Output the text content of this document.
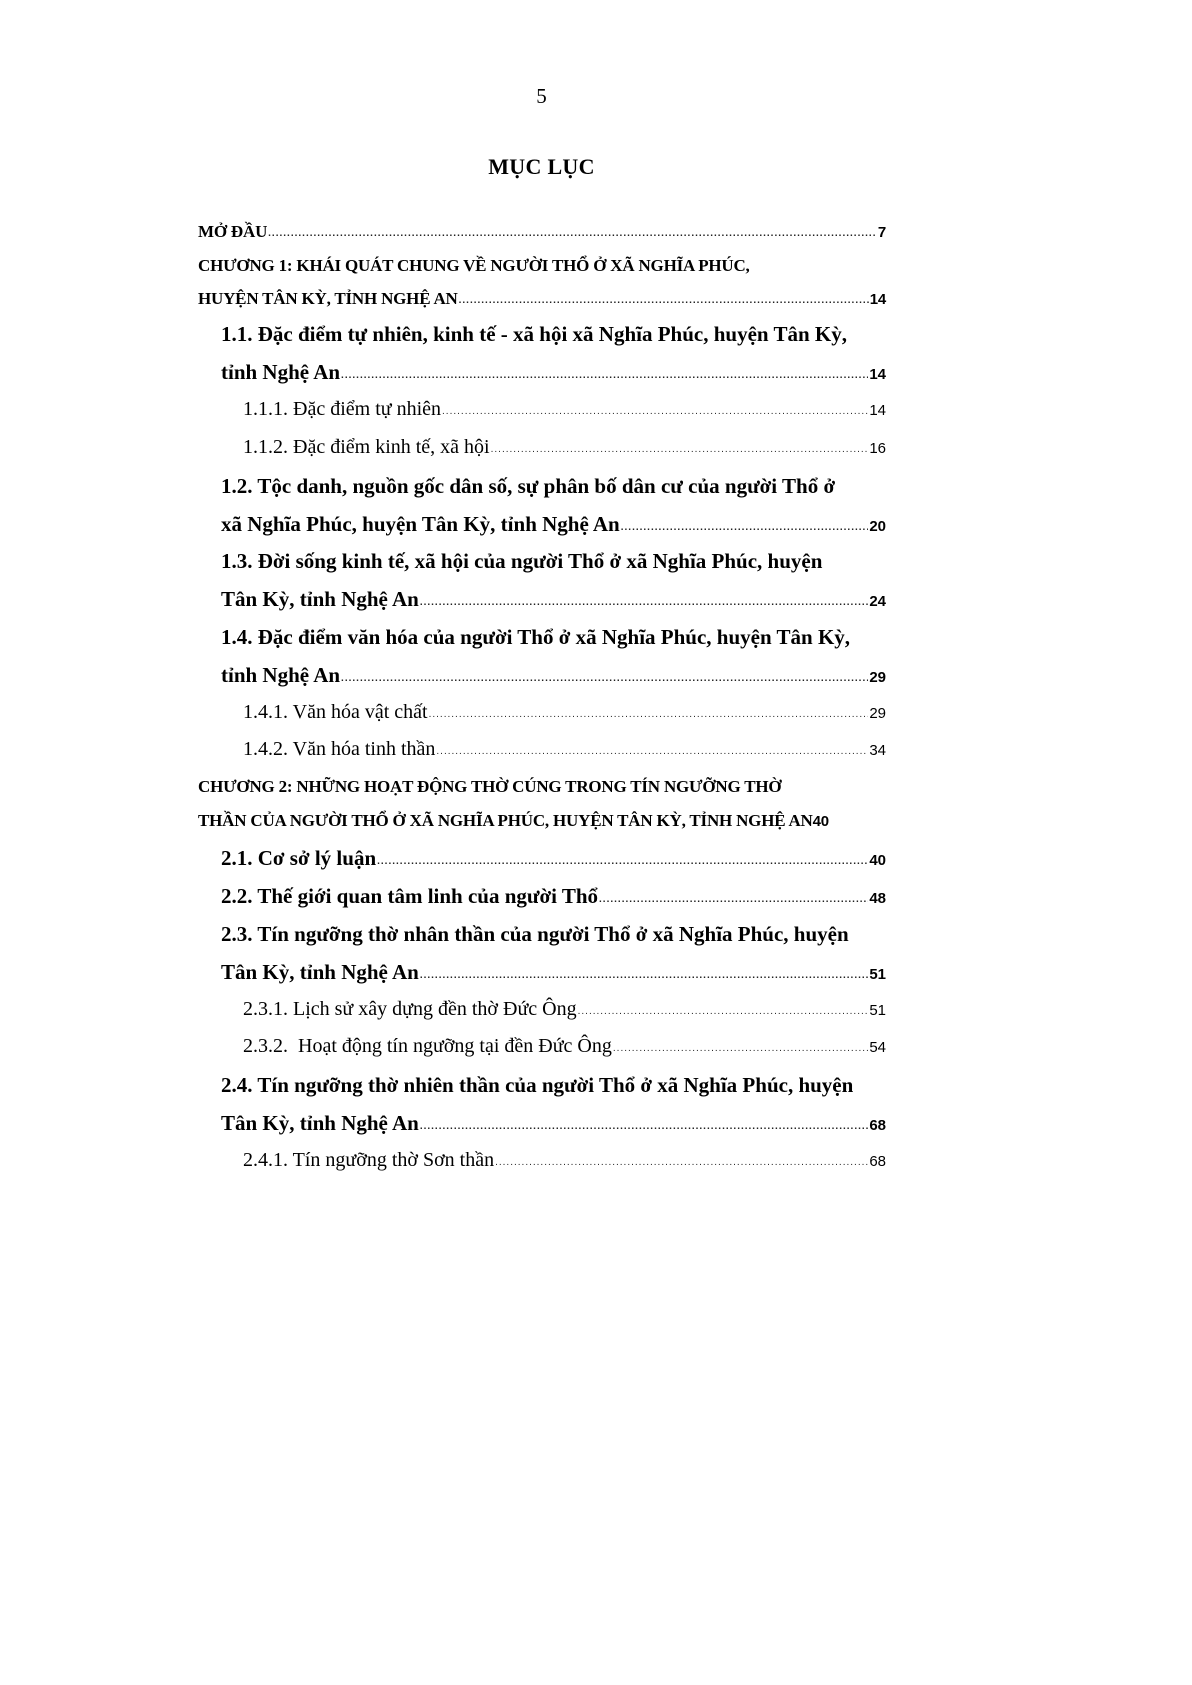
5
MỤC LỤC
MỞ ĐẦU .....	7
CHƯƠNG 1: KHÁI QUÁT CHUNG VỀ NGƯỜI THỔ Ở XÃ NGHĨA PHÚC,
HUYỆN TÂN KỲ, TỈNH NGHỆ AN .....	14
1.1. Đặc điểm tự nhiên, kinh tế - xã hội xã Nghĩa Phúc, huyện Tân Kỳ,
tỉnh Nghệ An .....	14
1.1.1. Đặc điểm tự nhiên .....	14
1.1.2. Đặc điểm kinh tế, xã hội .....	16
1.2. Tộc danh, nguồn gốc dân số, sự phân bố dân cư của người Thổ ở
xã Nghĩa Phúc, huyện Tân Kỳ, tỉnh Nghệ An .....	20
1.3. Đời sống kinh tế, xã hội của người Thổ ở xã Nghĩa Phúc, huyện
Tân Kỳ, tỉnh Nghệ An .....	24
1.4. Đặc điểm văn hóa của người Thổ ở xã Nghĩa Phúc, huyện Tân Kỳ,
tỉnh Nghệ An .....	29
1.4.1. Văn hóa vật chất .....	29
1.4.2. Văn hóa tinh thần .....	34
CHƯƠNG 2: NHỮNG HOẠT ĐỘNG THỜ CÚNG TRONG TÍN NGƯỠNG THỜ
THẦN CỦA NGƯỜI THỔ Ở XÃ NGHĨA PHÚC, HUYỆN TÂN KỲ, TỈNH NGHỆ AN 40
2.1. Cơ sở lý luận .....	40
2.2. Thế giới quan tâm linh của người Thổ .....	48
2.3. Tín ngưỡng thờ nhân thần của người Thổ ở xã Nghĩa Phúc, huyện
Tân Kỳ, tỉnh Nghệ An .....	51
2.3.1. Lịch sử xây dựng đền thờ Đức Ông .....	51
2.3.2.  Hoạt động tín ngưỡng tại đền Đức Ông .....	54
2.4. Tín ngưỡng thờ nhiên thần của người Thổ ở xã Nghĩa Phúc, huyện
Tân Kỳ, tỉnh Nghệ An .....	68
2.4.1. Tín ngưỡng thờ Sơn thần .....	68
